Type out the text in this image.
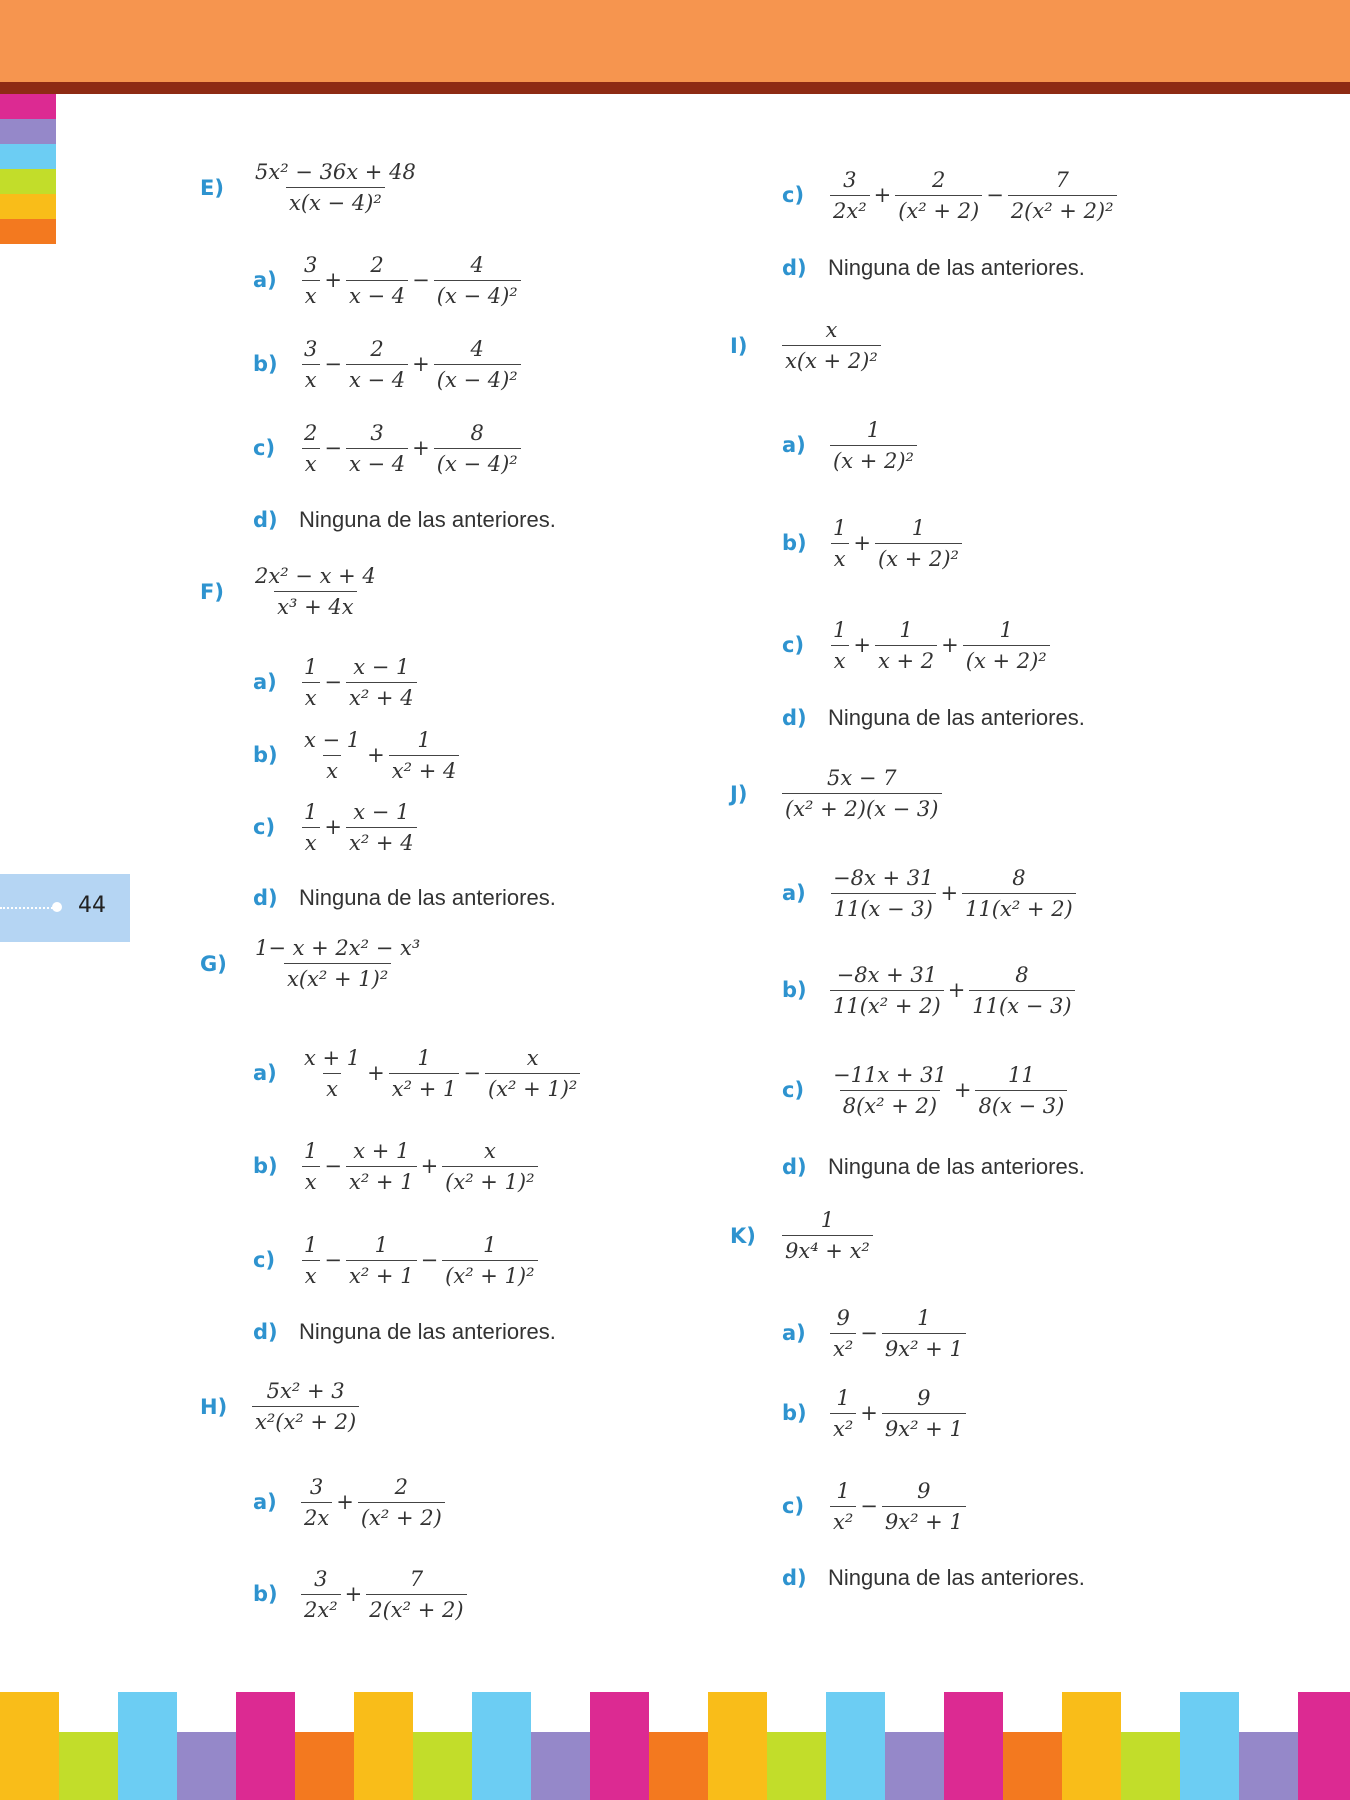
44
E)	$\frac{\text{5x² − 36x + 48}}{\text{x(x − 4)²}}$
a)	$\frac{3}{x} + \frac{2}{x - 4} - \frac{4}{\text{(x − 4)²}}$
b)	$\frac{3}{x} - \frac{2}{x - 4} + \frac{4}{\text{(x − 4)²}}$
c)	$\frac{2}{x} - \frac{3}{x - 4} + \frac{8}{\text{(x − 4)²}}$
d) Ninguna de las anteriores.
F)	$\frac{\text{2x² − x + 4}}{\text{x³ + 4x}}$
a)	$\frac{1}{x} - \frac{x - 1}{\text{x² + 4}}$
b)	$\frac{x - 1}{x} + \frac{1}{\text{x² + 4}}$
c)	$\frac{1}{x} + \frac{x - 1}{\text{x² + 4}}$
d) Ninguna de las anteriores.
G)	$\frac{\text{1− x + 2x² − x³}}{\text{x(x² + 1)²}}$
a)	$\frac{x + 1}{x} + \frac{1}{\text{x² + 1}} - \frac{x}{\text{(x² + 1)²}}$
b)	$\frac{1}{x} - \frac{x + 1}{\text{x² + 1}} + \frac{x}{\text{(x² + 1)²}}$
c)	$\frac{1}{x} - \frac{1}{\text{x² + 1}} - \frac{1}{\text{(x² + 1)²}}$
d) Ninguna de las anteriores.
H)	$\frac{\text{5x² + 3}}{\text{x²(x² + 2)}}$
a)	$\frac{3}{2x} + \frac{2}{\text{(x² + 2)}}$
b)	$\frac{3}{\text{2x²}} + \frac{7}{\text{2(x² + 2)}}$
c)	$\frac{3}{\text{2x²}} + \frac{2}{\text{(x² + 2)}} - \frac{7}{\text{2(x² + 2)²}}$
d) Ninguna de las anteriores.
I)	$\frac{x}{\text{x(x + 2)²}}$
a)	$\frac{1}{\text{(x + 2)²}}$
b)	$\frac{1}{x} + \frac{1}{\text{(x + 2)²}}$
c)	$\frac{1}{x} + \frac{1}{x + 2} + \frac{1}{\text{(x + 2)²}}$
d) Ninguna de las anteriores.
J)	$\frac{5x - 7}{\text{(x² + 2)(x − 3)}}$
a)	$\frac{-8x + 31}{11(x - 3)} + \frac{8}{\text{11(x² + 2)}}$
b)	$\frac{-8x + 31}{\text{11(x² + 2)}} + \frac{8}{11(x - 3)}$
c)	$\frac{-11x + 31}{\text{8(x² + 2)}} + \frac{11}{8(x - 3)}$
d) Ninguna de las anteriores.
K)	$\frac{1}{\text{9x⁴ + x²}}$
a)	$\frac{9}{\text{x²}} - \frac{1}{\text{9x² + 1}}$
b)	$\frac{1}{\text{x²}} + \frac{9}{\text{9x² + 1}}$
c)	$\frac{1}{\text{x²}} - \frac{9}{\text{9x² + 1}}$
d) Ninguna de las anteriores.
